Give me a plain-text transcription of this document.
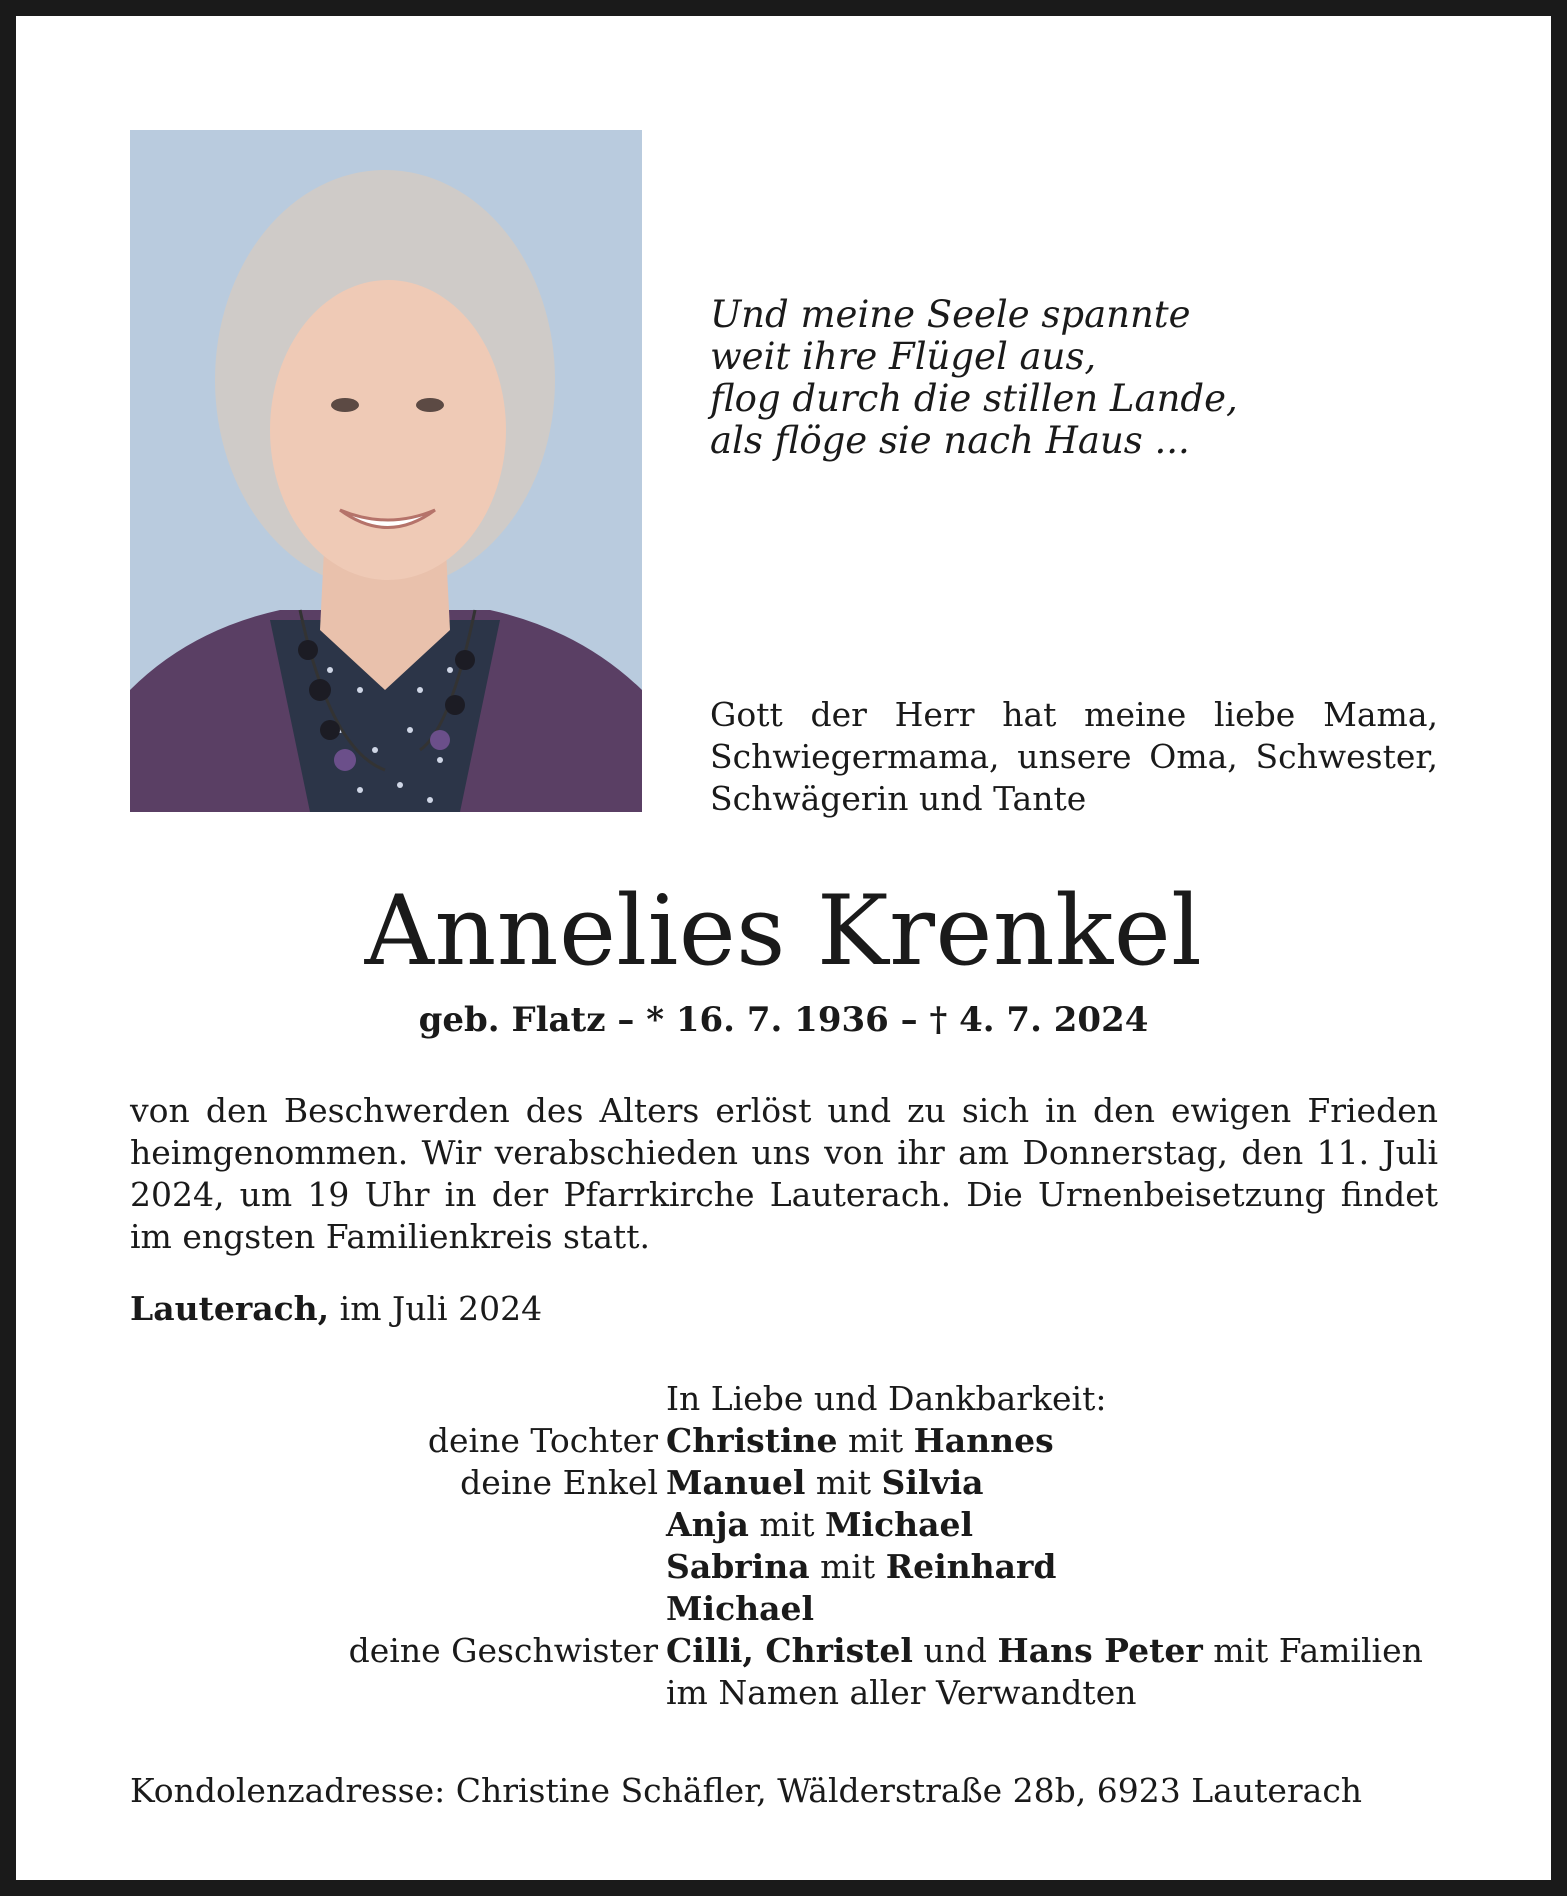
Und meine Seele spannte
weit ihre Flügel aus,
flog durch die stillen Lande,
als flöge sie nach Haus ...
Gott der Herr hat meine liebe Mama,
Schwiegermama, unsere Oma, Schwester,
Schwägerin und Tante
Annelies Krenkel
geb. Flatz – * 16. 7. 1936 – † 4. 7. 2024
von den Beschwerden des Alters erlöst und zu sich in den ewigen Frieden
heimgenommen. Wir verabschieden uns von ihr am Donnerstag, den 11. Juli
2024, um 19 Uhr in der Pfarrkirche Lauterach. Die Urnenbeisetzung findet
im engsten Familienkreis statt.
Lauterach, im Juli 2024
In Liebe und Dankbarkeit:
deine Tochter Christine mit Hannes
deine Enkel Manuel mit Silvia
Anja mit Michael
Sabrina mit Reinhard
Michael
deine Geschwister Cilli, Christel und Hans Peter mit Familien
im Namen aller Verwandten
Kondolenzadresse: Christine Schäfler, Wälderstraße 28b, 6923 Lauterach
